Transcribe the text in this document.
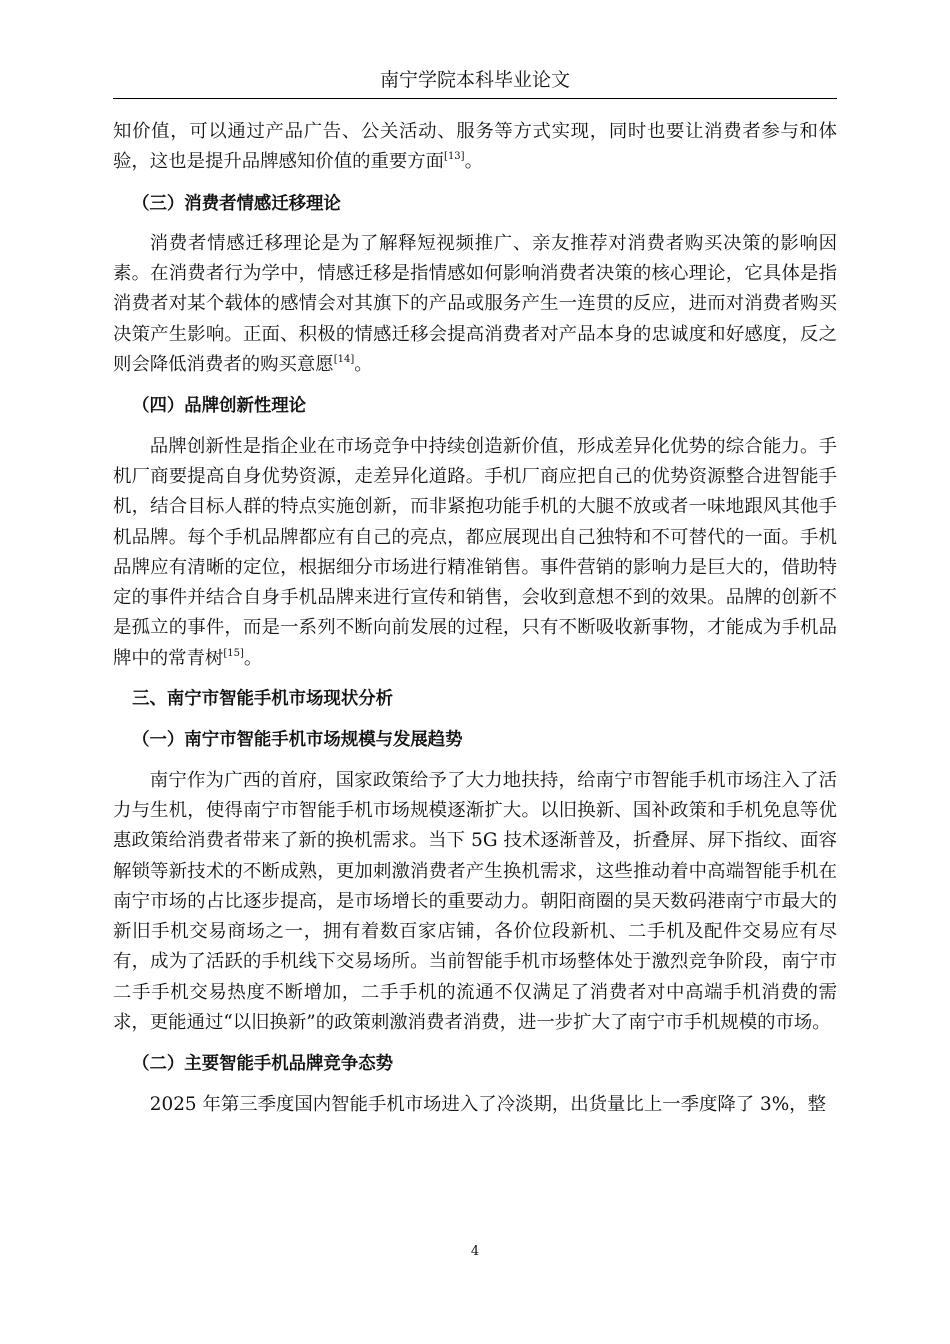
南宁学院本科毕业论文

知价值，可以通过产品广告、公关活动、服务等方式实现，同时也要让消费者参与和体验，这也是提升品牌感知价值的重要方面[13]。

（三）消费者情感迁移理论

消费者情感迁移理论是为了解释短视频推广、亲友推荐对消费者购买决策的影响因素。在消费者行为学中，情感迁移是指情感如何影响消费者决策的核心理论，它具体是指消费者对某个载体的感情会对其旗下的产品或服务产生一连贯的反应，进而对消费者购买决策产生影响。正面、积极的情感迁移会提高消费者对产品本身的忠诚度和好感度，反之则会降低消费者的购买意愿[14]。

（四）品牌创新性理论

品牌创新性是指企业在市场竞争中持续创造新价值，形成差异化优势的综合能力。手机厂商要提高自身优势资源，走差异化道路。手机厂商应把自己的优势资源整合进智能手机，结合目标人群的特点实施创新，而非紧抱功能手机的大腿不放或者一味地跟风其他手机品牌。每个手机品牌都应有自己的亮点，都应展现出自己独特和不可替代的一面。手机品牌应有清晰的定位，根据细分市场进行精准销售。事件营销的影响力是巨大的，借助特定的事件并结合自身手机品牌来进行宣传和销售，会收到意想不到的效果。品牌的创新不是孤立的事件，而是一系列不断向前发展的过程，只有不断吸收新事物，才能成为手机品牌中的常青树[15]。

三、南宁市智能手机市场现状分析

（一）南宁市智能手机市场规模与发展趋势

南宁作为广西的首府，国家政策给予了大力地扶持，给南宁市智能手机市场注入了活力与生机，使得南宁市智能手机市场规模逐渐扩大。以旧换新、国补政策和手机免息等优惠政策给消费者带来了新的换机需求。当下 5G 技术逐渐普及，折叠屏、屏下指纹、面容解锁等新技术的不断成熟，更加刺激消费者产生换机需求，这些推动着中高端智能手机在南宁市场的占比逐步提高，是市场增长的重要动力。朝阳商圈的昊天数码港南宁市最大的新旧手机交易商场之一，拥有着数百家店铺，各价位段新机、二手机及配件交易应有尽有，成为了活跃的手机线下交易场所。当前智能手机市场整体处于激烈竞争阶段，南宁市二手手机交易热度不断增加，二手手机的流通不仅满足了消费者对中高端手机消费的需求，更能通过“以旧换新”的政策刺激消费者消费，进一步扩大了南宁市手机规模的市场。

（二）主要智能手机品牌竞争态势

2025 年第三季度国内智能手机市场进入了冷淡期，出货量比上一季度降了 3%，整

4
